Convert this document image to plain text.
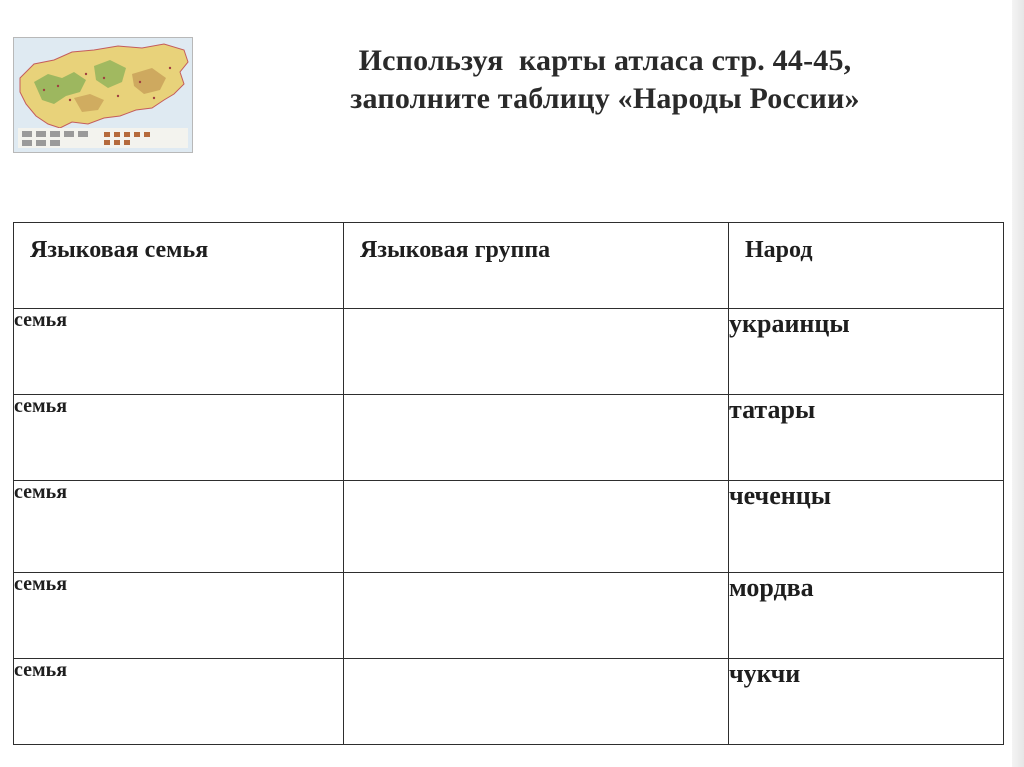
Используя  карты атласа стр. 44-45,
заполните таблицу «Народы России»
Языковая семья	Языковая группа	Народ
семья		украинцы
семья		татары
семья		чеченцы
семья		мордва
семья		чукчи
